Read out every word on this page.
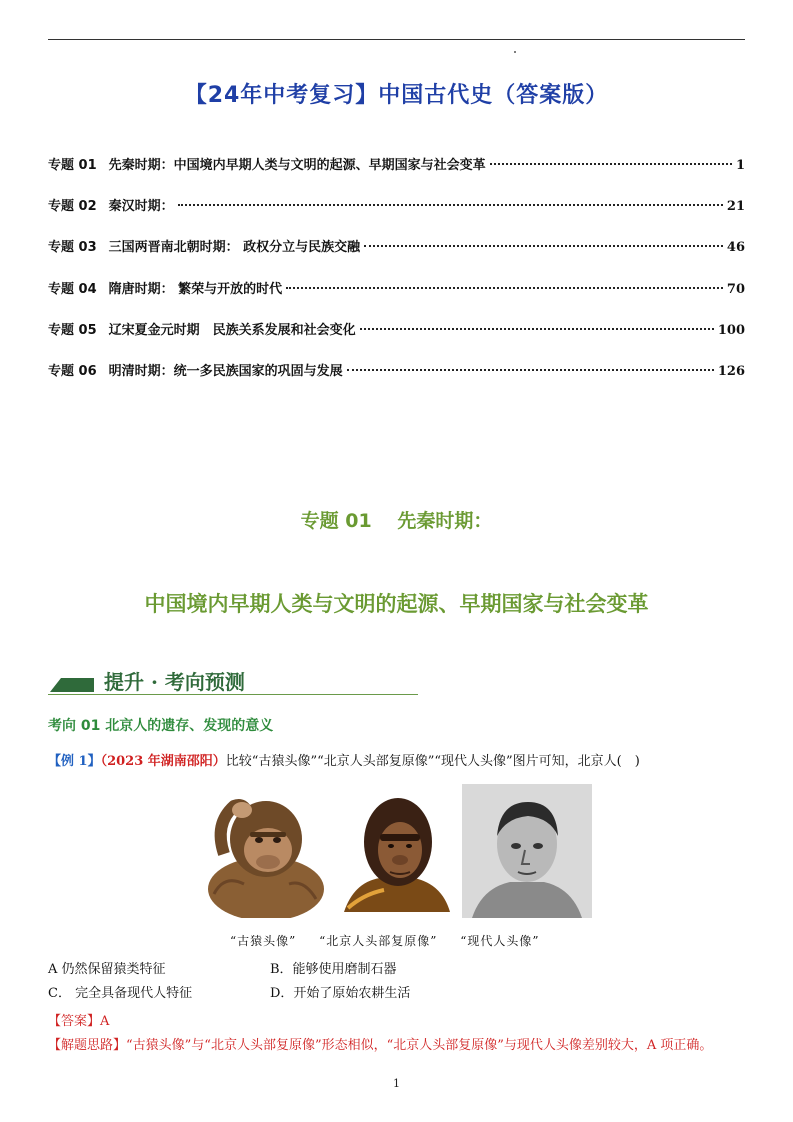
【24年中考复习】中国古代史（答案版）
专题 01 先秦时期：中国境内早期人类与文明的起源、早期国家与社会变革	1
专题 02 秦汉时期：	21
专题 03 三国两晋南北朝时期： 政权分立与民族交融	46
专题 04 隋唐时期： 繁荣与开放的时代	70
专题 05 辽宋夏金元时期　民族关系发展和社会变化	100
专题 06 明清时期：统一多民族国家的巩固与发展	126
专题 01　 先秦时期：
中国境内早期人类与文明的起源、早期国家与社会变革
提升 · 考向预测
考向 01 北京人的遗存、发现的意义
【例 1】（2023 年湖南邵阳）比较“古猿头像”“北京人头部复原像”“现代人头像”图片可知，北京人(　)
“古猿头像” “北京人头部复原像” “现代人头像”
A 仍然保留猿类特征	B．能够使用磨制石器
C． 完全具备现代人特征	D．开始了原始农耕生活
【答案】A
【解题思路】“古猿头像”与“北京人头部复原像”形态相似，“北京人头部复原像”与现代人头像差别较大，A 项正确。
1
